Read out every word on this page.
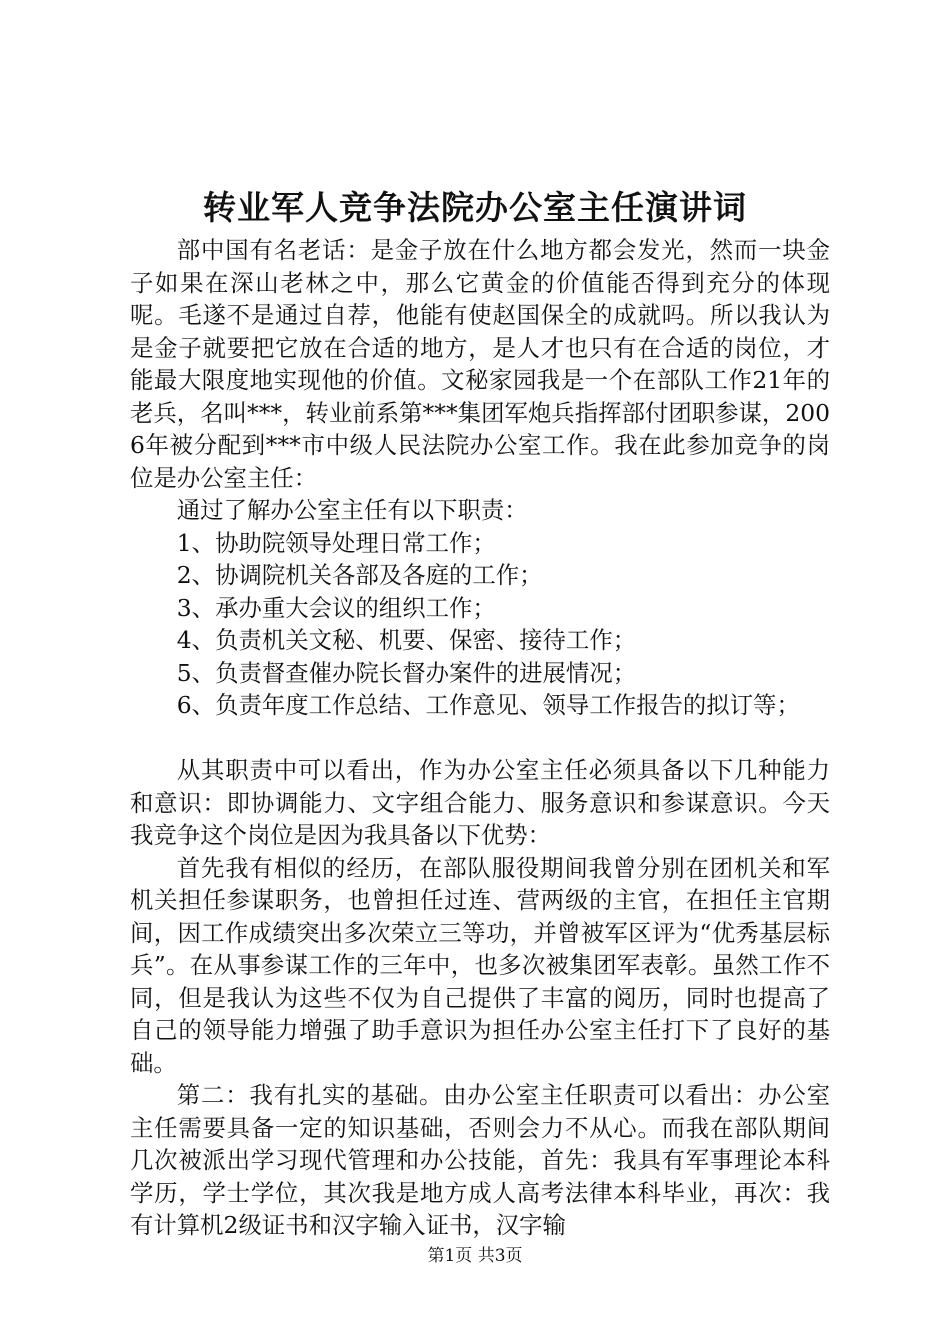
转业军人竞争法院办公室主任演讲词

部中国有名老话：是金子放在什么地方都会发光，然而一块金子如果在深山老林之中，那么它黄金的价值能否得到充分的体现呢。毛遂不是通过自荐，他能有使赵国保全的成就吗。所以我认为是金子就要把它放在合适的地方，是人才也只有在合适的岗位，才能最大限度地实现他的价值。文秘家园我是一个在部队工作21年的老兵，名叫***，转业前系第***集团军炮兵指挥部付团职参谋，2006年被分配到***市中级人民法院办公室工作。我在此参加竞争的岗位是办公室主任：

通过了解办公室主任有以下职责：

1、协助院领导处理日常工作；

2、协调院机关各部及各庭的工作；

3、承办重大会议的组织工作；

4、负责机关文秘、机要、保密、接待工作；

5、负责督查催办院长督办案件的进展情况；

6、负责年度工作总结、工作意见、领导工作报告的拟订等；

从其职责中可以看出，作为办公室主任必须具备以下几种能力和意识：即协调能力、文字组合能力、服务意识和参谋意识。今天我竞争这个岗位是因为我具备以下优势：

首先我有相似的经历，在部队服役期间我曾分别在团机关和军机关担任参谋职务，也曾担任过连、营两级的主官，在担任主官期间，因工作成绩突出多次荣立三等功，并曾被军区评为“优秀基层标兵”。在从事参谋工作的三年中，也多次被集团军表彰。虽然工作不同，但是我认为这些不仅为自己提供了丰富的阅历，同时也提高了自己的领导能力增强了助手意识为担任办公室主任打下了良好的基础。

第二：我有扎实的基础。由办公室主任职责可以看出：办公室主任需要具备一定的知识基础，否则会力不从心。而我在部队期间几次被派出学习现代管理和办公技能，首先：我具有军事理论本科学历，学士学位，其次我是地方成人高考法律本科毕业，再次：我有计算机2级证书和汉字输入证书，汉字输

第1页 共3页
